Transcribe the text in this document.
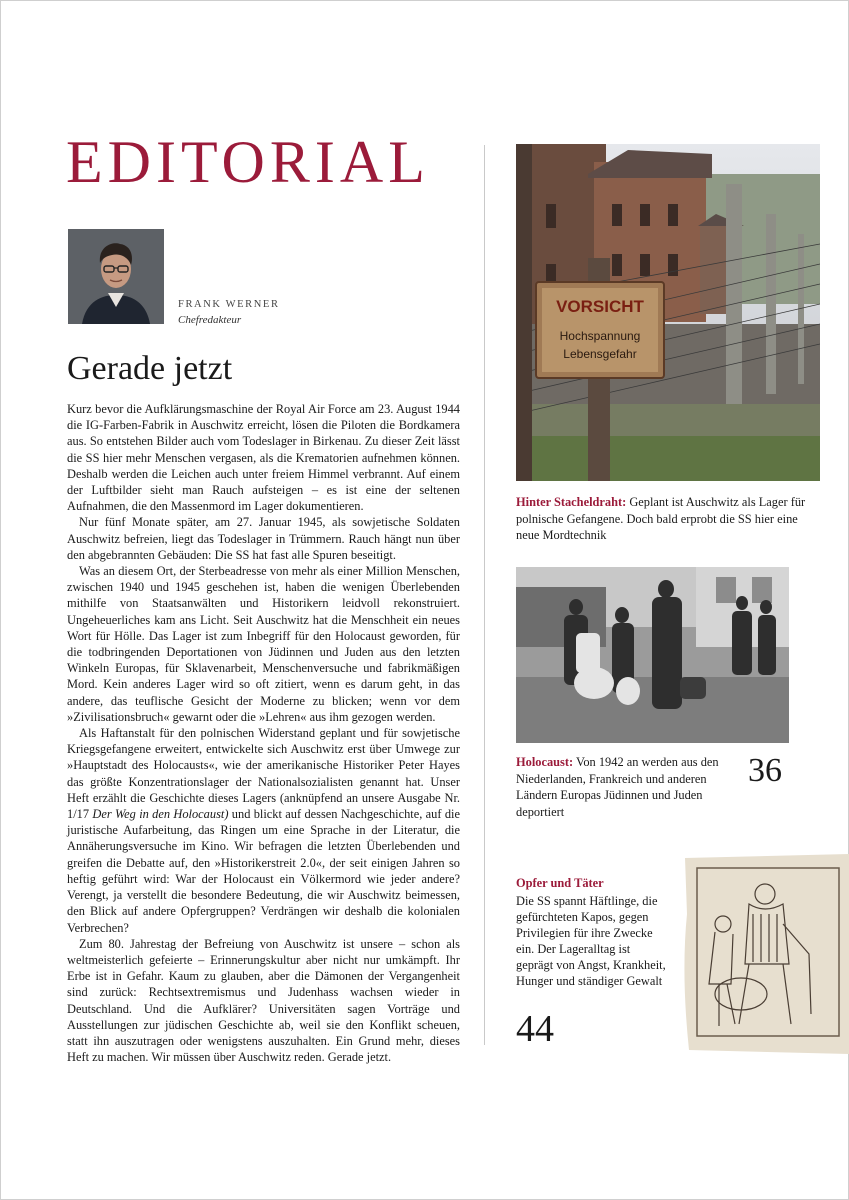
EDITORIAL
FRANK WERNER
Chefredakteur
Gerade jetzt

Kurz bevor die Aufklärungsmaschine der Royal Air Force am 23. August 1944 die IG-Farben-Fabrik in Auschwitz erreicht, lösen die Piloten die Bordkamera aus. So entstehen Bilder auch vom Todeslager in Birkenau. Zu dieser Zeit lässt die SS hier mehr Menschen vergasen, als die Krematorien aufnehmen können. Deshalb werden die Leichen auch unter freiem Himmel verbrannt. Auf einem der Luftbilder sieht man Rauch aufsteigen – es ist eine der seltenen Aufnahmen, die den Massenmord im Lager dokumentieren.

Nur fünf Monate später, am 27. Januar 1945, als sowjetische Soldaten Auschwitz befreien, liegt das Todeslager in Trümmern. Rauch hängt nun über den abgebrannten Gebäuden: Die SS hat fast alle Spuren beseitigt.

Was an diesem Ort, der Sterbeadresse von mehr als einer Million Menschen, zwischen 1940 und 1945 geschehen ist, haben die wenigen Überlebenden mithilfe von Staatsanwälten und Historikern leidvoll rekonstruiert. Ungeheuerliches kam ans Licht. Seit Auschwitz hat die Menschheit ein neues Wort für Hölle. Das Lager ist zum Inbegriff für den Holocaust geworden, für die todbringenden Deportationen von Jüdinnen und Juden aus den letzten Winkeln Europas, für Sklavenarbeit, Menschenversuche und fabrikmäßigen Mord. Kein anderes Lager wird so oft zitiert, wenn es darum geht, in das andere, das teuflische Gesicht der Moderne zu blicken; wenn vor dem »Zivilisationsbruch« gewarnt oder die »Lehren« aus ihm gezogen werden.

Als Haftanstalt für den polnischen Widerstand geplant und für sowjetische Kriegsgefangene erweitert, entwickelte sich Auschwitz erst über Umwege zur »Hauptstadt des Holocausts«, wie der amerikanische Historiker Peter Hayes das größte Konzentrationslager der Nationalsozialisten genannt hat. Unser Heft erzählt die Geschichte dieses Lagers (anknüpfend an unsere Ausgabe Nr. 1/17 Der Weg in den Holocaust) und blickt auf dessen Nachgeschichte, auf die juristische Aufarbeitung, das Ringen um eine Sprache in der Literatur, die Annäherungsversuche im Kino. Wir befragen die letzten Überlebenden und greifen die Debatte auf, den »Historikerstreit 2.0«, der seit einigen Jahren so heftig geführt wird: War der Holocaust ein Völkermord wie jeder andere? Verengt, ja verstellt die besondere Bedeutung, die wir Auschwitz beimessen, den Blick auf andere Opfergruppen? Verdrängen wir deshalb die kolonialen Verbrechen?

Zum 80. Jahrestag der Befreiung von Auschwitz ist unsere – schon als weltmeisterlich gefeierte – Erinnerungskultur aber nicht nur umkämpft. Ihr Erbe ist in Gefahr. Kaum zu glauben, aber die Dämonen der Vergangenheit sind zurück: Rechtsextremismus und Judenhass wachsen wieder in Deutschland. Und die Aufklärer? Universitäten sagen Vorträge und Ausstellungen zur jüdischen Geschichte ab, weil sie den Konflikt scheuen, statt ihn auszutragen oder wenigstens auszuhalten. Ein Grund mehr, dieses Heft zu machen. Wir müssen über Auschwitz reden. Gerade jetzt.

VORSICHT
Hochspannung
Lebensgefahr
Hinter Stacheldraht: Geplant ist Auschwitz als Lager für polnische Gefangene. Doch bald erprobt die SS hier eine neue Mordtechnik
Holocaust: Von 1942 an werden aus den Niederlanden, Frankreich und anderen Ländern Europas Jüdinnen und Juden deportiert
36
Opfer und Täter
Die SS spannt Häftlinge, die gefürchteten Kapos, gegen Privilegien für ihre Zwecke ein. Der Lageralltag ist geprägt von Angst, Krankheit, Hunger und ständiger Gewalt
44
